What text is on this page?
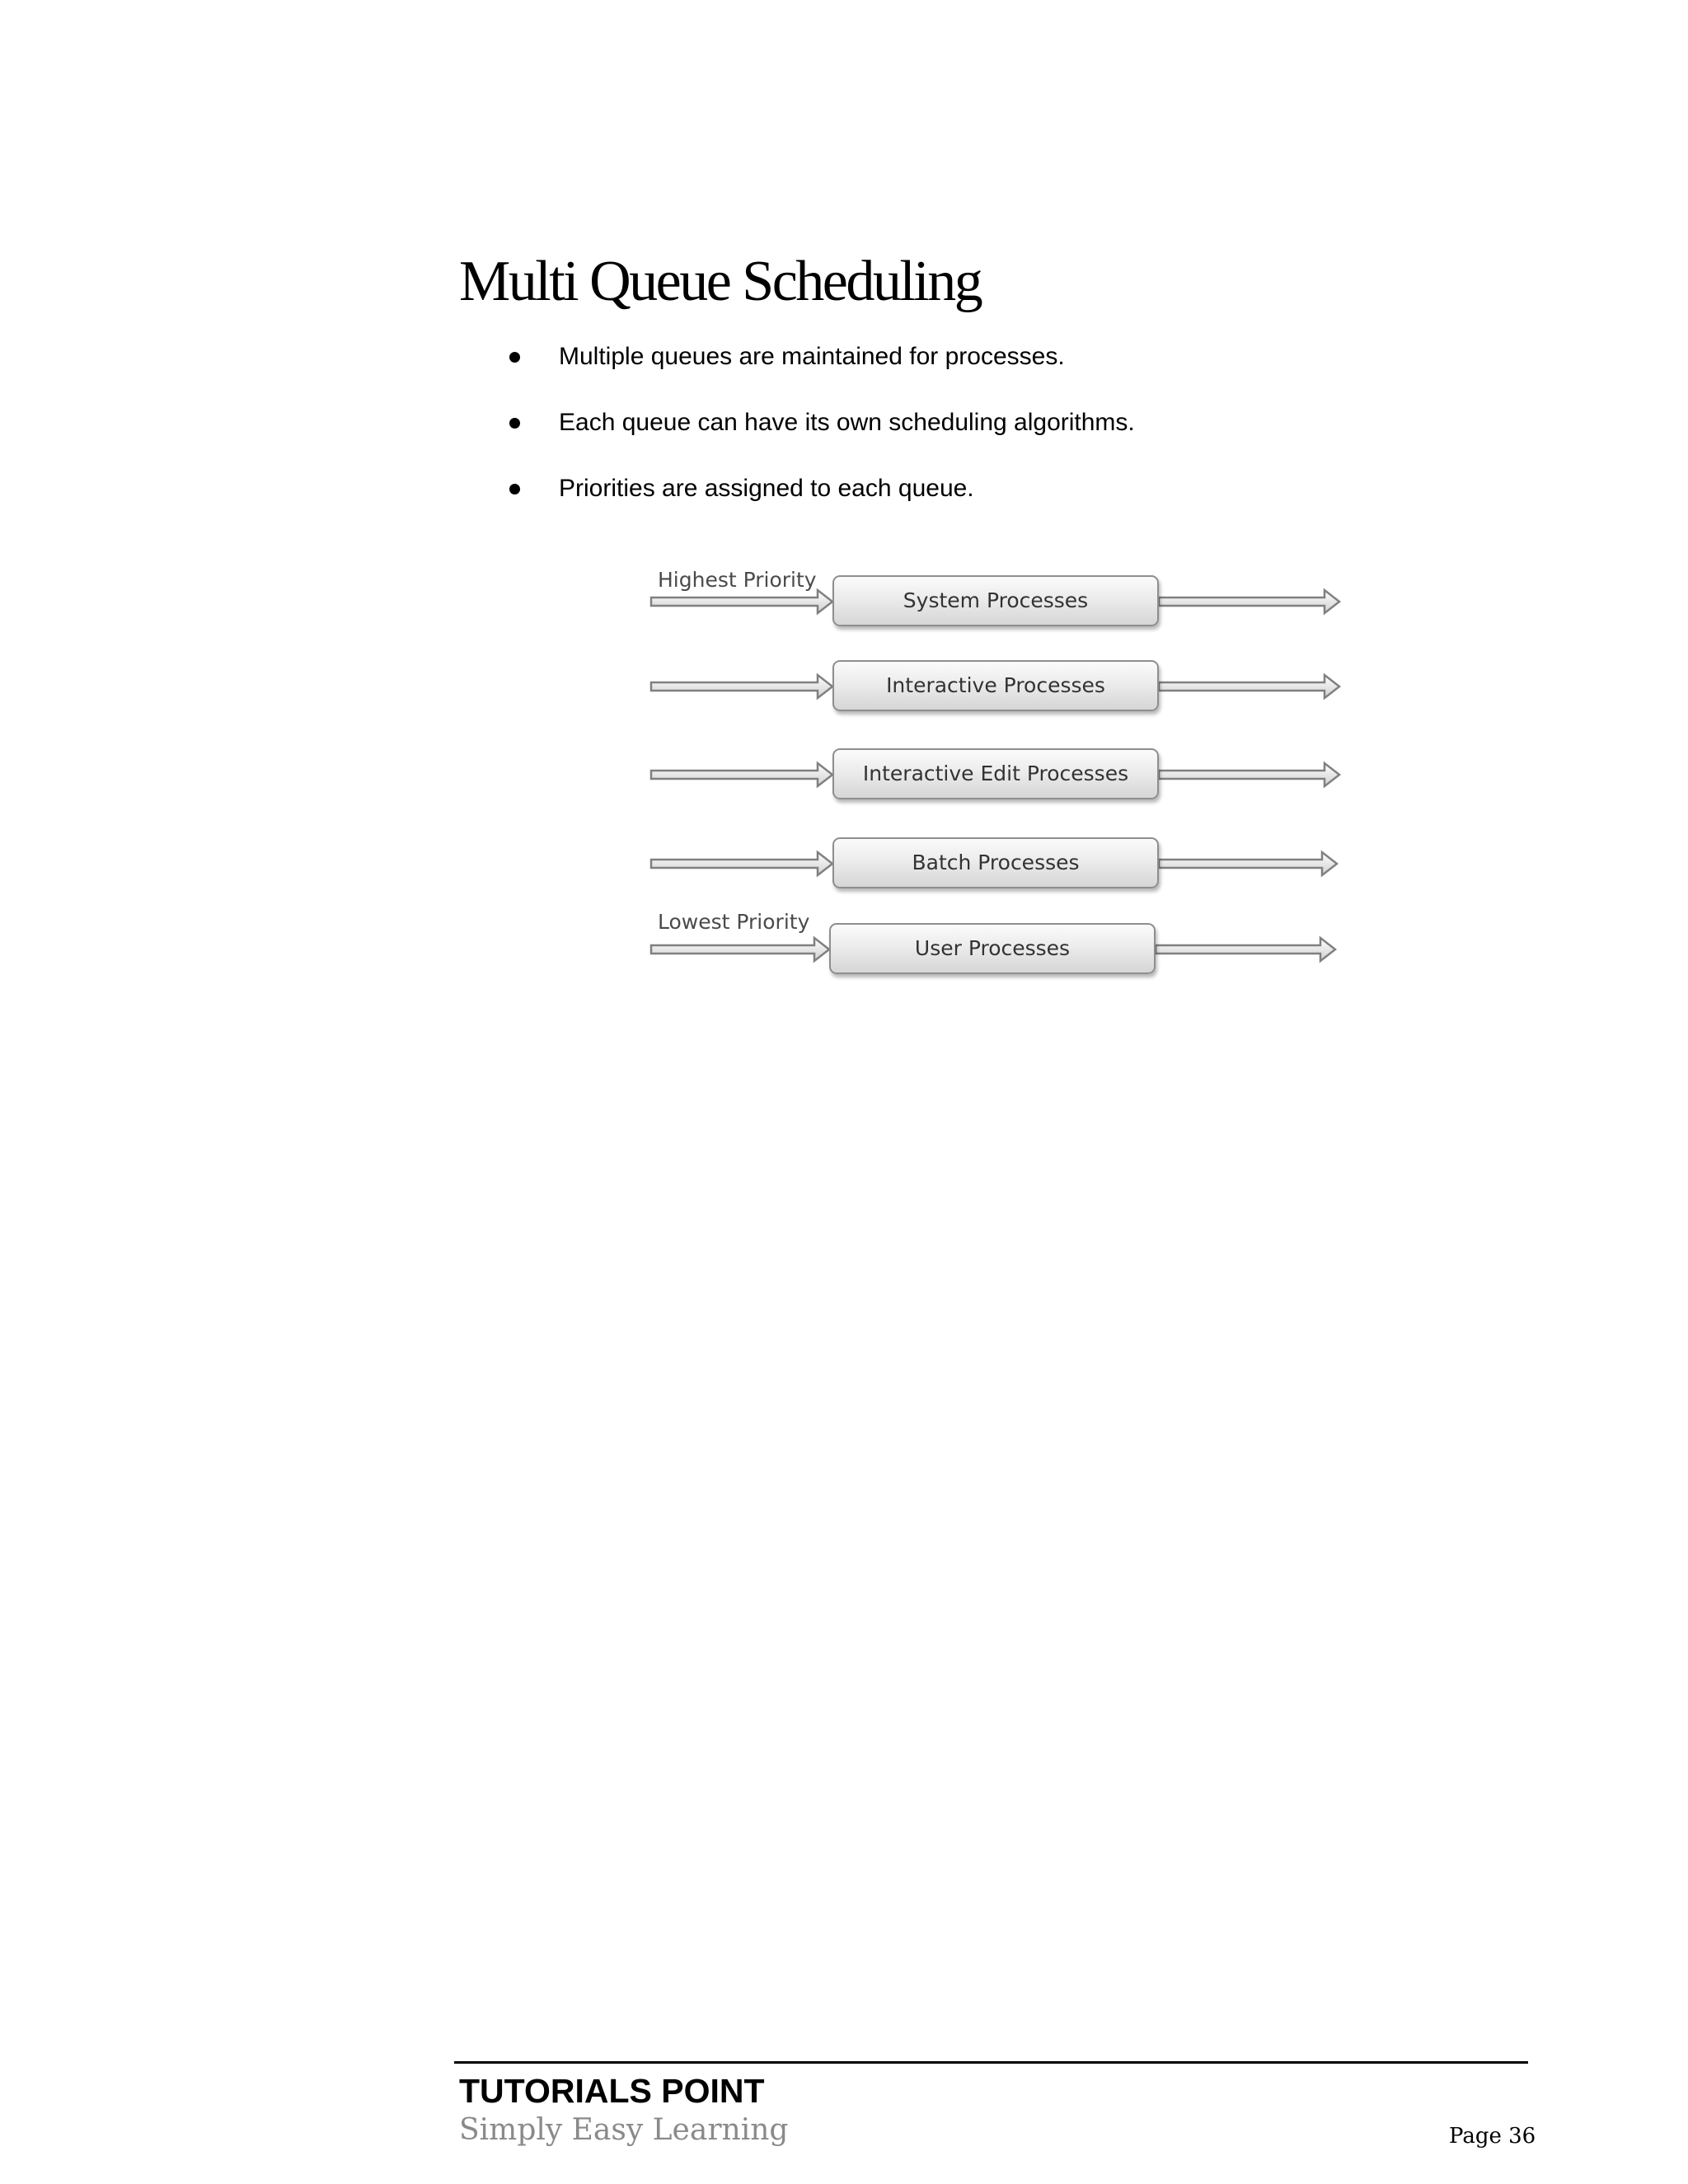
Multi Queue Scheduling
Multiple queues are maintained for processes.
Each queue can have its own scheduling algorithms.
Priorities are assigned to each queue.
Highest Priority
Lowest Priority
System Processes
Interactive Processes
Interactive Edit Processes
Batch Processes
User Processes
TUTORIALS POINT
Simply Easy Learning	Page 36
